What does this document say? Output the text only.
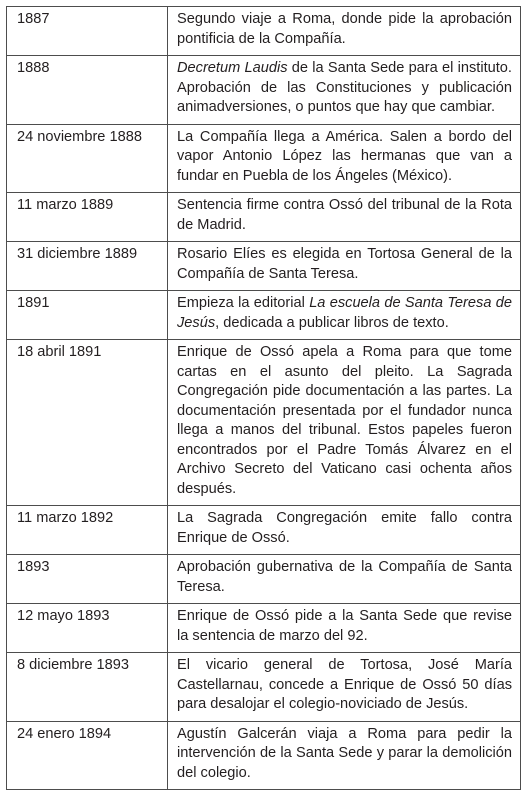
1887	Segundo viaje a Roma, donde pide la aprobación pontificia de la Compañía.
1888	Decretum Laudis de la Santa Sede para el instituto. Aprobación de las Constituciones y publicación animadversiones, o puntos que hay que cambiar.
24 noviembre 1888	La Compañía llega a América. Salen a bordo del vapor Antonio López las hermanas que van a fundar en Puebla de los Ángeles (México).
11 marzo 1889	Sentencia firme contra Ossó del tribunal de la Rota de Madrid.
31 diciembre 1889	Rosario Elíes es elegida en Tortosa General de la Compañía de Santa Teresa.
1891	Empieza la editorial La escuela de Santa Teresa de Jesús, dedicada a publicar libros de texto.
18 abril 1891	Enrique de Ossó apela a Roma para que tome cartas en el asunto del pleito. La Sagrada Congregación pide documentación a las partes. La documentación presentada por el fundador nunca llega a manos del tribunal. Estos papeles fueron encontrados por el Padre Tomás Álvarez en el Archivo Secreto del Vaticano casi ochenta años después.
11 marzo 1892	La Sagrada Congregación emite fallo contra Enrique de Ossó.
1893	Aprobación gubernativa de la Compañía de Santa Teresa.
12 mayo 1893	Enrique de Ossó pide a la Santa Sede que revise la sentencia de marzo del 92.
8 diciembre 1893	El vicario general de Tortosa, José María Castellarnau, concede a Enrique de Ossó 50 días para desalojar el colegio-noviciado de Jesús.
24 enero 1894	Agustín Galcerán viaja a Roma para pedir la intervención de la Santa Sede y parar la demolición del colegio.
